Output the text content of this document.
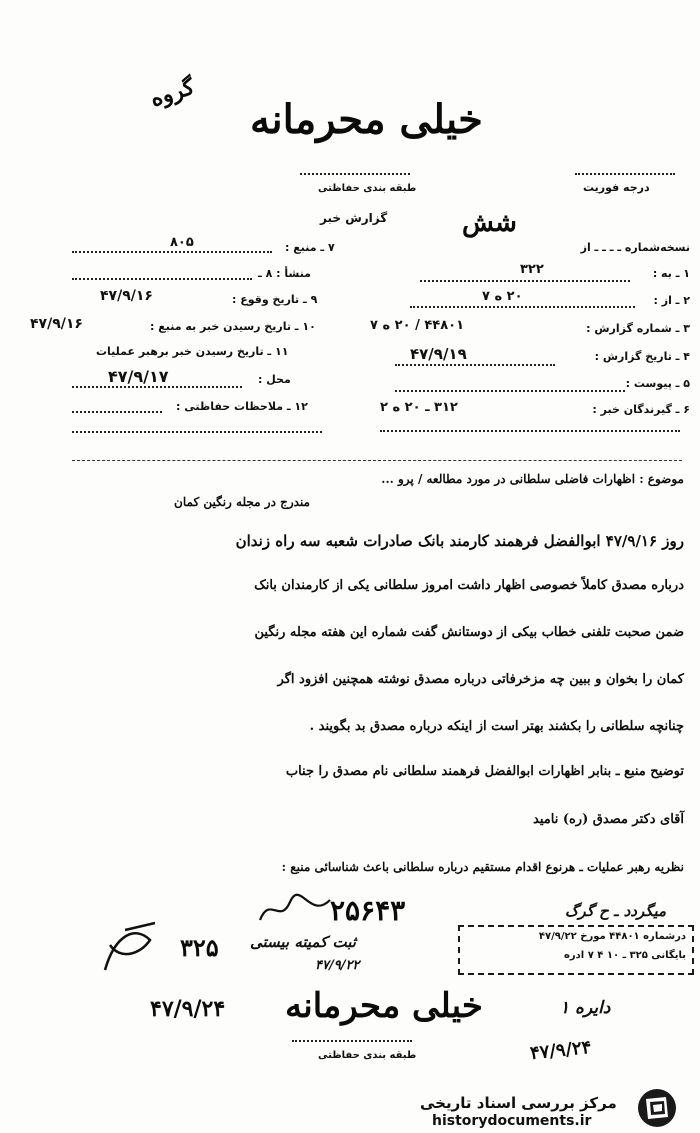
گروه
خیلی محرمانه
طبقه بندی حفاظتی	درجه فوریت
گزارش خبر	شش
نسخه‌شماره ـ ـ ـ ـ از
۱ ـ به :
۳۲۲
۲ ـ از :
۲۰ ه ۷
۳ ـ شماره گزارش :
۴۴۸۰۱ / ۲۰ ه ۷
۴ ـ تاریخ گزارش :
۴۷/۹/۱۹
۵ ـ پیوست :
۶ ـ گیرندگان خبر :
۳۱۲ ـ ۲۰ ه ۲
۷ ـ منبع :
۸۰۵
منشأ : ۸ ـ
۹ ـ تاریخ وقوع :
۴۷/۹/۱۶
۱۰ ـ تاریخ رسیدن خبر به منبع :
۴۷/۹/۱۶
۱۱ ـ تاریخ رسیدن خبر برهبر عملیات
محل :
۴۷/۹/۱۷
۱۲ ـ ملاحظات حفاظتی :
موضوع : اظهارات فاضلی سلطانی در مورد مطالعه / پرو ...
مندرج در مجله رنگین کمان
روز ۴۷/۹/۱۶ ابوالفضل فرهمند کارمند بانک صادرات شعبه سه راه زندان
درباره مصدق کاملاً خصوصی اظهار داشت امروز سلطانی یکی از کارمندان بانک
ضمن صحبت تلفنی خطاب بیکی از دوستانش گفت شماره این هفته مجله رنگین
کمان را بخوان و ببین چه مزخرفاتی درباره مصدق نوشته همچنین افزود اگر
چنانچه سلطانی را بکشند بهتر است از اینکه درباره مصدق بد بگویند .
توضیح منبع ـ بنابر اظهارات ابوالفضل فرهمند سلطانی نام مصدق را جناب
آقای دکتر مصدق (ره) نامید
نظریه رهبر عملیات ـ هرنوع اقدام مستقیم درباره سلطانی باعث شناسائی منبع :
میگردد ـ ح گرگ
۲۵۶۴۳
۳۲۵ ثبت کمیته بیستی
۴۷/۹/۲۲
درشماره ۴۴۸۰۱ مورخ ۴۷/۹/۲۲
بایگانی ۳۲۵ ـ ۱۰ ۴ ۷ ادره
۴۷/۹/۲۴ خیلی محرمانه	دایره ۱
۴۷/۹/۲۴
طبقه بندی حفاظتی
مرکز بررسی اسناد تاریخی
historydocuments.ir
